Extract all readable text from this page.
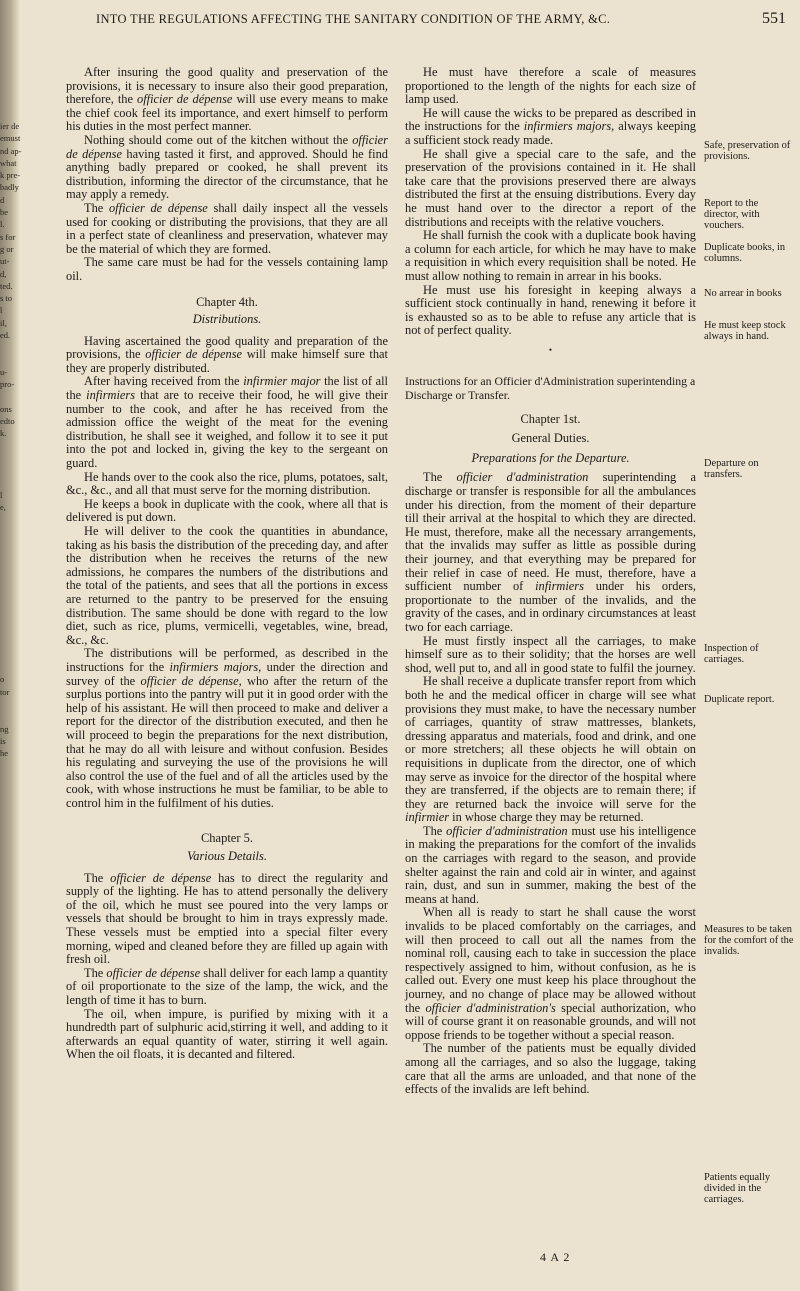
ier de
emust
nd ap-
what
k pre-
badly
d
be
l.
s for
g or
ut-
d,
ted.
s to
l
il,
ed.
u-
pro-
ons
edto
k.
l
e,
o
tor
ng
is
he
INTO THE REGULATIONS AFFECTING THE SANITARY CONDITION OF THE ARMY, &C.	551

After insuring the good quality and preservation of the provisions, it is necessary to insure also their good preparation, therefore, the officier de dépense will use every means to make the chief cook feel its importance, and exert himself to perform his duties in the most perfect manner.

Nothing should come out of the kitchen without the officier de dépense having tasted it first, and approved. Should he find anything badly prepared or cooked, he shall prevent its distribution, informing the director of the circumstance, that he may apply a remedy.

The officier de dépense shall daily inspect all the vessels used for cooking or distributing the provisions, that they are all in a perfect state of cleanliness and preservation, whatever may be the material of which they are formed.

The same care must be had for the vessels containing lamp oil.

Chapter 4th.
Distributions.

Having ascertained the good quality and preparation of the provisions, the officier de dépense will make himself sure that they are properly distributed.

After having received from the infirmier major the list of all the infirmiers that are to receive their food, he will give their number to the cook, and after he has received from the admission office the weight of the meat for the evening distribution, he shall see it weighed, and follow it to see it put into the pot and locked in, giving the key to the sergeant on guard.

He hands over to the cook also the rice, plums, potatoes, salt, &c., &c., and all that must serve for the morning distribution.

He keeps a book in duplicate with the cook, where all that is delivered is put down.

He will deliver to the cook the quantities in abundance, taking as his basis the distribution of the preceding day, and after the distribution when he receives the returns of the new admissions, he compares the numbers of the distributions and the total of the patients, and sees that all the portions in excess are returned to the pantry to be preserved for the ensuing distribution. The same should be done with regard to the low diet, such as rice, plums, vermicelli, vegetables, wine, bread, &c., &c.

The distributions will be performed, as described in the instructions for the infirmiers majors, under the direction and survey of the officier de dépense, who after the return of the surplus portions into the pantry will put it in good order with the help of his assistant. He will then proceed to make and deliver a report for the director of the distribution executed, and then he will proceed to begin the preparations for the next distribution, that he may do all with leisure and without confusion. Besides his regulating and surveying the use of the provisions he will also control the use of the fuel and of all the articles used by the cook, with whose instructions he must be familiar, to be able to control him in the fulfilment of his duties.

Chapter 5.
Various Details.

The officier de dépense has to direct the regularity and supply of the lighting. He has to attend personally the delivery of the oil, which he must see poured into the very lamps or vessels that should be brought to him in trays expressly made. These vessels must be emptied into a special filter every morning, wiped and cleaned before they are filled up again with fresh oil.

The officier de dépense shall deliver for each lamp a quantity of oil proportionate to the size of the lamp, the wick, and the length of time it has to burn.

The oil, when impure, is purified by mixing with it a hundredth part of sulphuric acid,stirring it well, and adding to it afterwards an equal quantity of water, stirring it well again. When the oil floats, it is decanted and filtered.

He must have therefore a scale of measures proportioned to the length of the nights for each size of lamp used.

He will cause the wicks to be prepared as described in the instructions for the infirmiers majors, always keeping a sufficient stock ready made.

He shall give a special care to the safe, and the preservation of the provisions contained in it. He shall take care that the provisions preserved there are always distributed the first at the ensuing distributions. Every day he must hand over to the director a report of the distributions and receipts with the relative vouchers.

He shall furnish the cook with a duplicate book having a column for each article, for which he may have to make a requisition in which every requisition shall be noted. He must allow nothing to remain in arrear in his books.

He must use his foresight in keeping always a sufficient stock continually in hand, renewing it before it is exhausted so as to be able to refuse any article that is not of perfect quality.

•
Instructions for an Officier d'Administration superintending a Discharge or Transfer.
Chapter 1st.
General Duties.
Preparations for the Departure.

The officier d'administration superintending a discharge or transfer is responsible for all the ambulances under his direction, from the moment of their departure till their arrival at the hospital to which they are directed. He must, therefore, make all the necessary arrangements, that the invalids may suffer as little as possible during their journey, and that everything may be prepared for their relief in case of need. He must, therefore, have a sufficient number of infirmiers under his orders, proportionate to the number of the invalids, and the gravity of the cases, and in ordinary circumstances at least two for each carriage.

He must firstly inspect all the carriages, to make himself sure as to their solidity; that the horses are well shod, well put to, and all in good state to fulfil the journey.

He shall receive a duplicate transfer report from which both he and the medical officer in charge will see what provisions they must make, to have the necessary number of carriages, quantity of straw mattresses, blankets, dressing apparatus and materials, food and drink, and one or more stretchers; all these objects he will obtain on requisitions in duplicate from the director, one of which may serve as invoice for the director of the hospital where they are transferred, if the objects are to remain there; if they are returned back the invoice will serve for the infirmier in whose charge they may be returned.

The officier d'administration must use his intelligence in making the preparations for the comfort of the invalids on the carriages with regard to the season, and provide shelter against the rain and cold air in winter, and against rain, dust, and sun in summer, making the best of the means at hand.

When all is ready to start he shall cause the worst invalids to be placed comfortably on the carriages, and will then proceed to call out all the names from the nominal roll, causing each to take in succession the place respectively assigned to him, without confusion, as he is called out. Every one must keep his place throughout the journey, and no change of place may be allowed without the officier d'administration's special authorization, who will of course grant it on reasonable grounds, and will not oppose friends to be together without a special reason.

The number of the patients must be equally divided among all the carriages, and so also the luggage, taking care that all the arms are unloaded, and that none of the effects of the invalids are left behind.

Safe, preservation of provisions.
Report to the director, with vouchers.
Duplicate books, in columns.
No arrear in books
He must keep stock always in hand.
Departure on transfers.
Inspection of carriages.
Duplicate report.
Measures to be taken for the comfort of the invalids.
Patients equally divided in the carriages.
4 A 2
